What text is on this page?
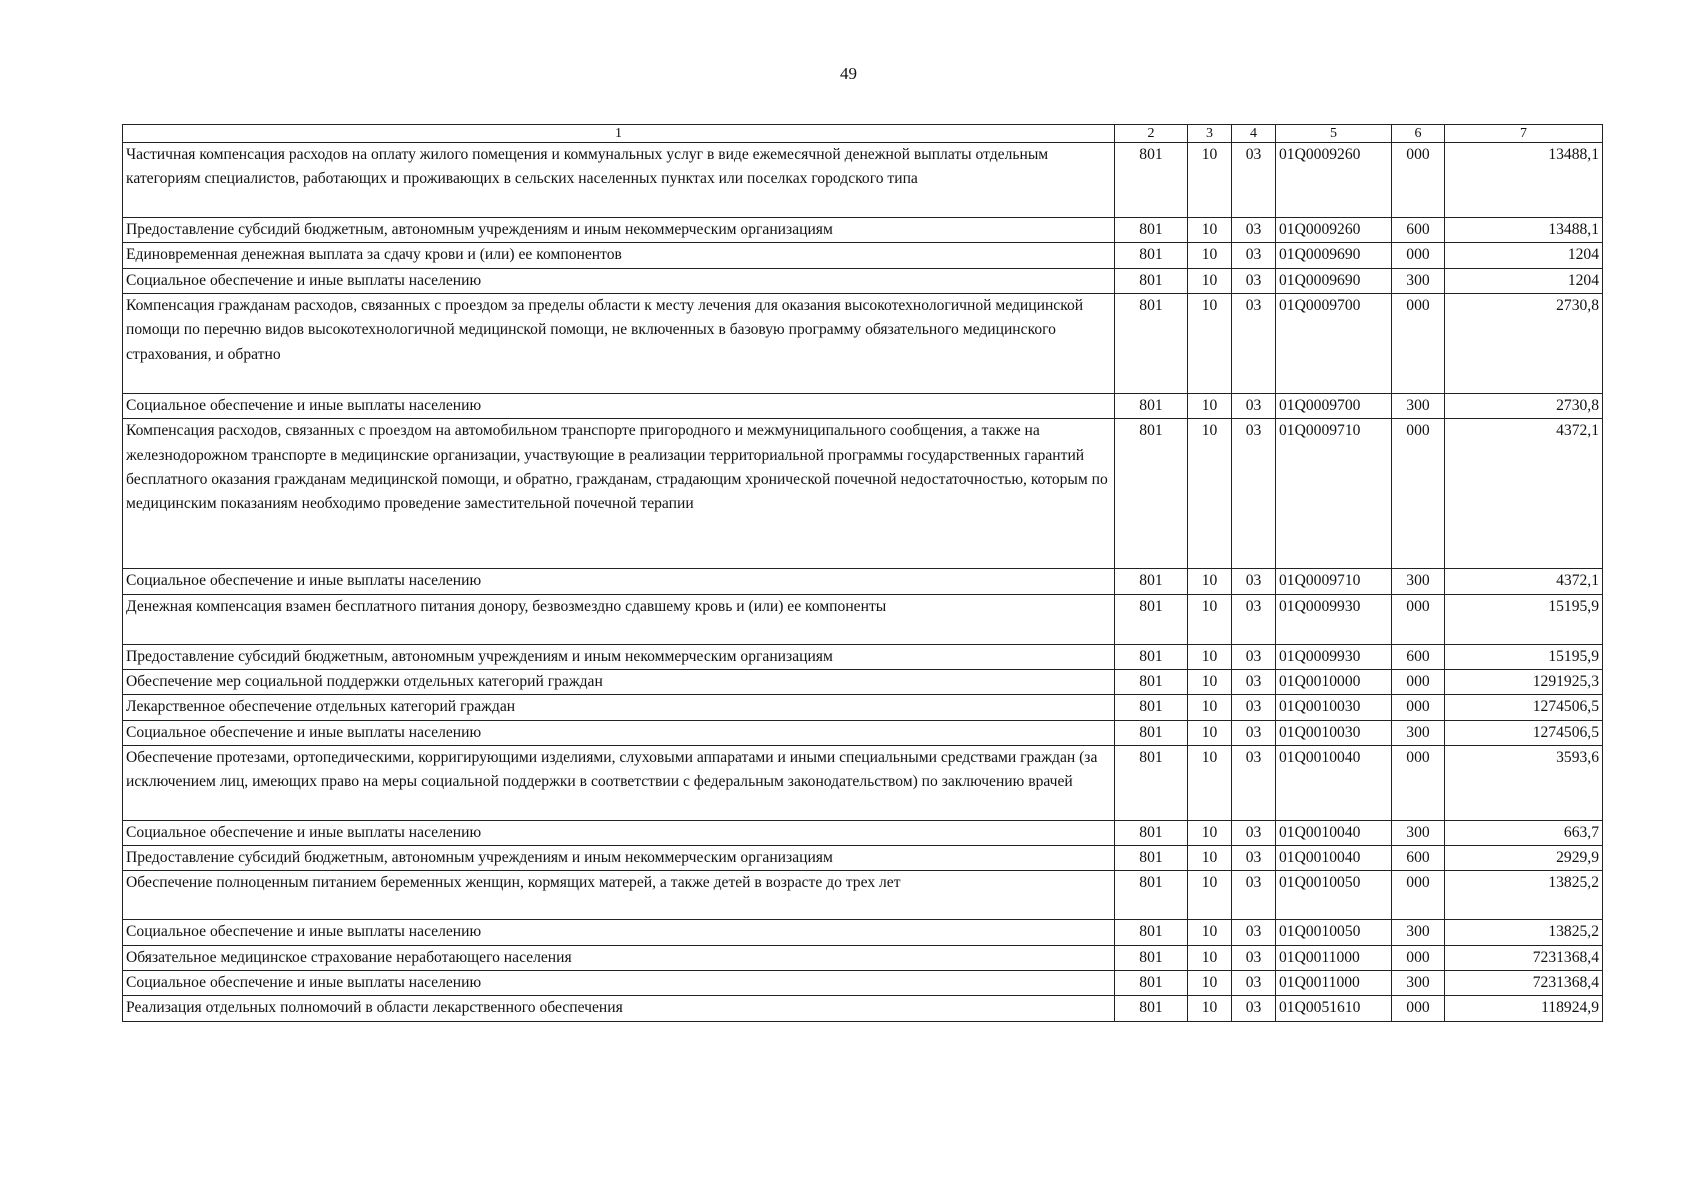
49
1	2	3	4	5	6	7
Частичная компенсация расходов на оплату жилого помещения и коммунальных услуг в виде ежемесячной денежной выплаты отдельным категориям специалистов, работающих и проживающих в сельских населенных пунктах или поселках городского типа	801	10	03	01Q0009260	000	13488,1
Предоставление субсидий бюджетным, автономным учреждениям и иным некоммерческим организациям	801	10	03	01Q0009260	600	13488,1
Единовременная денежная выплата за сдачу крови и (или) ее компонентов	801	10	03	01Q0009690	000	1204
Социальное обеспечение и иные выплаты населению	801	10	03	01Q0009690	300	1204
Компенсация гражданам расходов, связанных с проездом за пределы области к месту лечения для оказания высокотехнологичной медицинской помощи по перечню видов высокотехнологичной медицинской помощи, не включенных в базовую программу обязательного медицинского страхования, и обратно	801	10	03	01Q0009700	000	2730,8
Социальное обеспечение и иные выплаты населению	801	10	03	01Q0009700	300	2730,8
Компенсация расходов, связанных с проездом на автомобильном транспорте пригородного и межмуниципального сообщения, а также на железнодорожном транспорте в медицинские организации, участвующие в реализации территориальной программы государственных гарантий бесплатного оказания гражданам медицинской помощи, и обратно, гражданам, страдающим хронической почечной недостаточностью, которым по медицинским показаниям необходимо проведение заместительной почечной терапии	801	10	03	01Q0009710	000	4372,1
Социальное обеспечение и иные выплаты населению	801	10	03	01Q0009710	300	4372,1
Денежная компенсация взамен бесплатного питания донору, безвозмездно сдавшему кровь и (или) ее компоненты	801	10	03	01Q0009930	000	15195,9
Предоставление субсидий бюджетным, автономным учреждениям и иным некоммерческим организациям	801	10	03	01Q0009930	600	15195,9
Обеспечение мер социальной поддержки отдельных категорий граждан	801	10	03	01Q0010000	000	1291925,3
Лекарственное обеспечение отдельных категорий граждан	801	10	03	01Q0010030	000	1274506,5
Социальное обеспечение и иные выплаты населению	801	10	03	01Q0010030	300	1274506,5
Обеспечение протезами, ортопедическими, корригирующими изделиями, слуховыми аппаратами и иными специальными средствами граждан (за исключением лиц, имеющих право на меры социальной поддержки в соответствии с федеральным законодательством) по заключению врачей	801	10	03	01Q0010040	000	3593,6
Социальное обеспечение и иные выплаты населению	801	10	03	01Q0010040	300	663,7
Предоставление субсидий бюджетным, автономным учреждениям и иным некоммерческим организациям	801	10	03	01Q0010040	600	2929,9
Обеспечение полноценным питанием беременных женщин, кормящих матерей, а также детей в возрасте до трех лет	801	10	03	01Q0010050	000	13825,2
Социальное обеспечение и иные выплаты населению	801	10	03	01Q0010050	300	13825,2
Обязательное медицинское страхование неработающего населения	801	10	03	01Q0011000	000	7231368,4
Социальное обеспечение и иные выплаты населению	801	10	03	01Q0011000	300	7231368,4
Реализация отдельных полномочий в области лекарственного обеспечения	801	10	03	01Q0051610	000	118924,9
